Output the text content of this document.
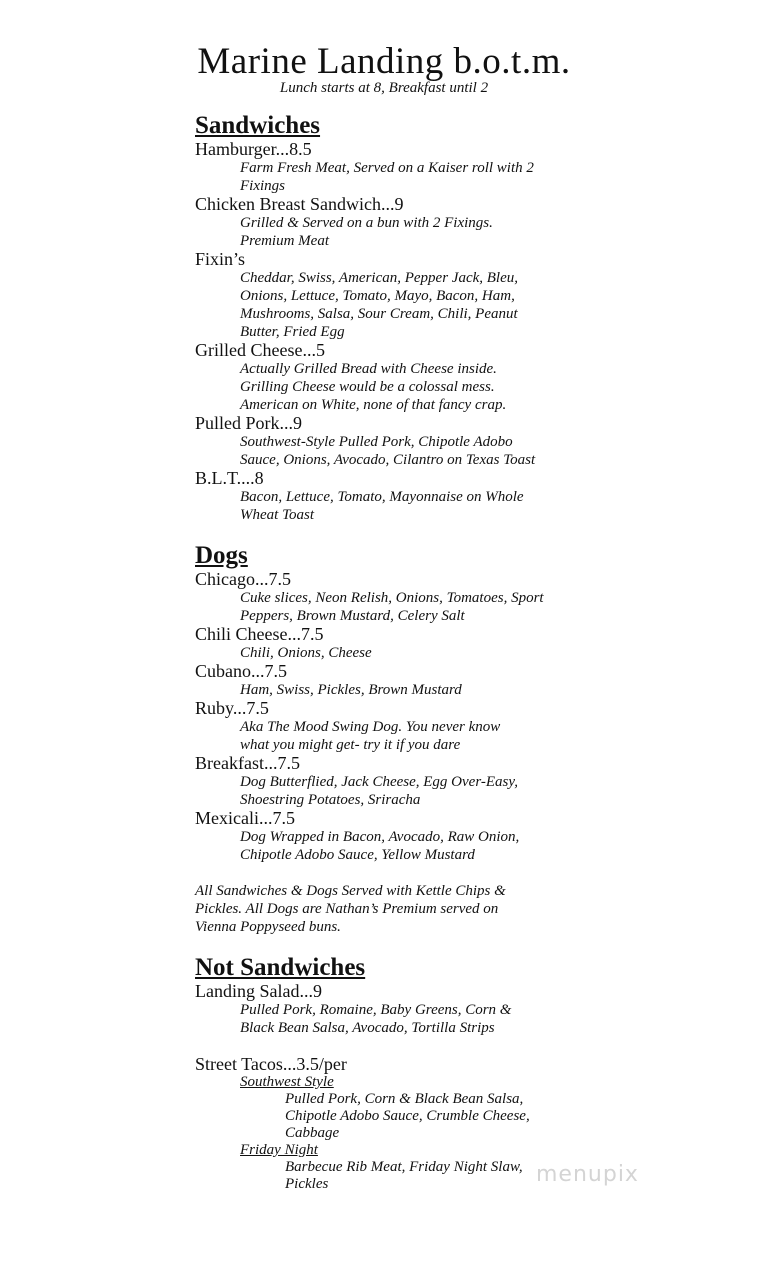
Marine Landing b.o.t.m.
Lunch starts at 8, Breakfast until 2
Sandwiches
Hamburger...8.5
Farm Fresh Meat, Served on a Kaiser roll with 2
Fixings
Chicken Breast Sandwich...9
Grilled & Served on a bun with 2 Fixings.
Premium Meat
Fixin’s
Cheddar, Swiss, American, Pepper Jack, Bleu,
Onions, Lettuce, Tomato, Mayo, Bacon, Ham,
Mushrooms, Salsa, Sour Cream, Chili, Peanut
Butter, Fried Egg
Grilled Cheese...5
Actually Grilled Bread with Cheese inside.
Grilling Cheese would be a colossal mess.
American on White, none of that fancy crap.
Pulled Pork...9
Southwest-Style Pulled Pork, Chipotle Adobo
Sauce, Onions, Avocado, Cilantro on Texas Toast
B.L.T....8
Bacon, Lettuce, Tomato, Mayonnaise on Whole
Wheat Toast
Dogs
Chicago...7.5
Cuke slices, Neon Relish, Onions, Tomatoes, Sport
Peppers, Brown Mustard, Celery Salt
Chili Cheese...7.5
Chili, Onions, Cheese
Cubano...7.5
Ham, Swiss, Pickles, Brown Mustard
Ruby...7.5
Aka The Mood Swing Dog. You never know
what you might get- try it if you dare
Breakfast...7.5
Dog Butterflied, Jack Cheese, Egg Over-Easy,
Shoestring Potatoes, Sriracha
Mexicali...7.5
Dog Wrapped in Bacon, Avocado, Raw Onion,
Chipotle Adobo Sauce, Yellow Mustard
All Sandwiches & Dogs Served with Kettle Chips &
Pickles. All Dogs are Nathan’s Premium served on
Vienna Poppyseed buns.
Not Sandwiches
Landing Salad...9
Pulled Pork, Romaine, Baby Greens, Corn &
Black Bean Salsa, Avocado, Tortilla Strips
Street Tacos...3.5/per
Southwest Style
Pulled Pork, Corn & Black Bean Salsa,
Chipotle Adobo Sauce, Crumble Cheese,
Cabbage
Friday Night
Barbecue Rib Meat, Friday Night Slaw,
Pickles	menupix
